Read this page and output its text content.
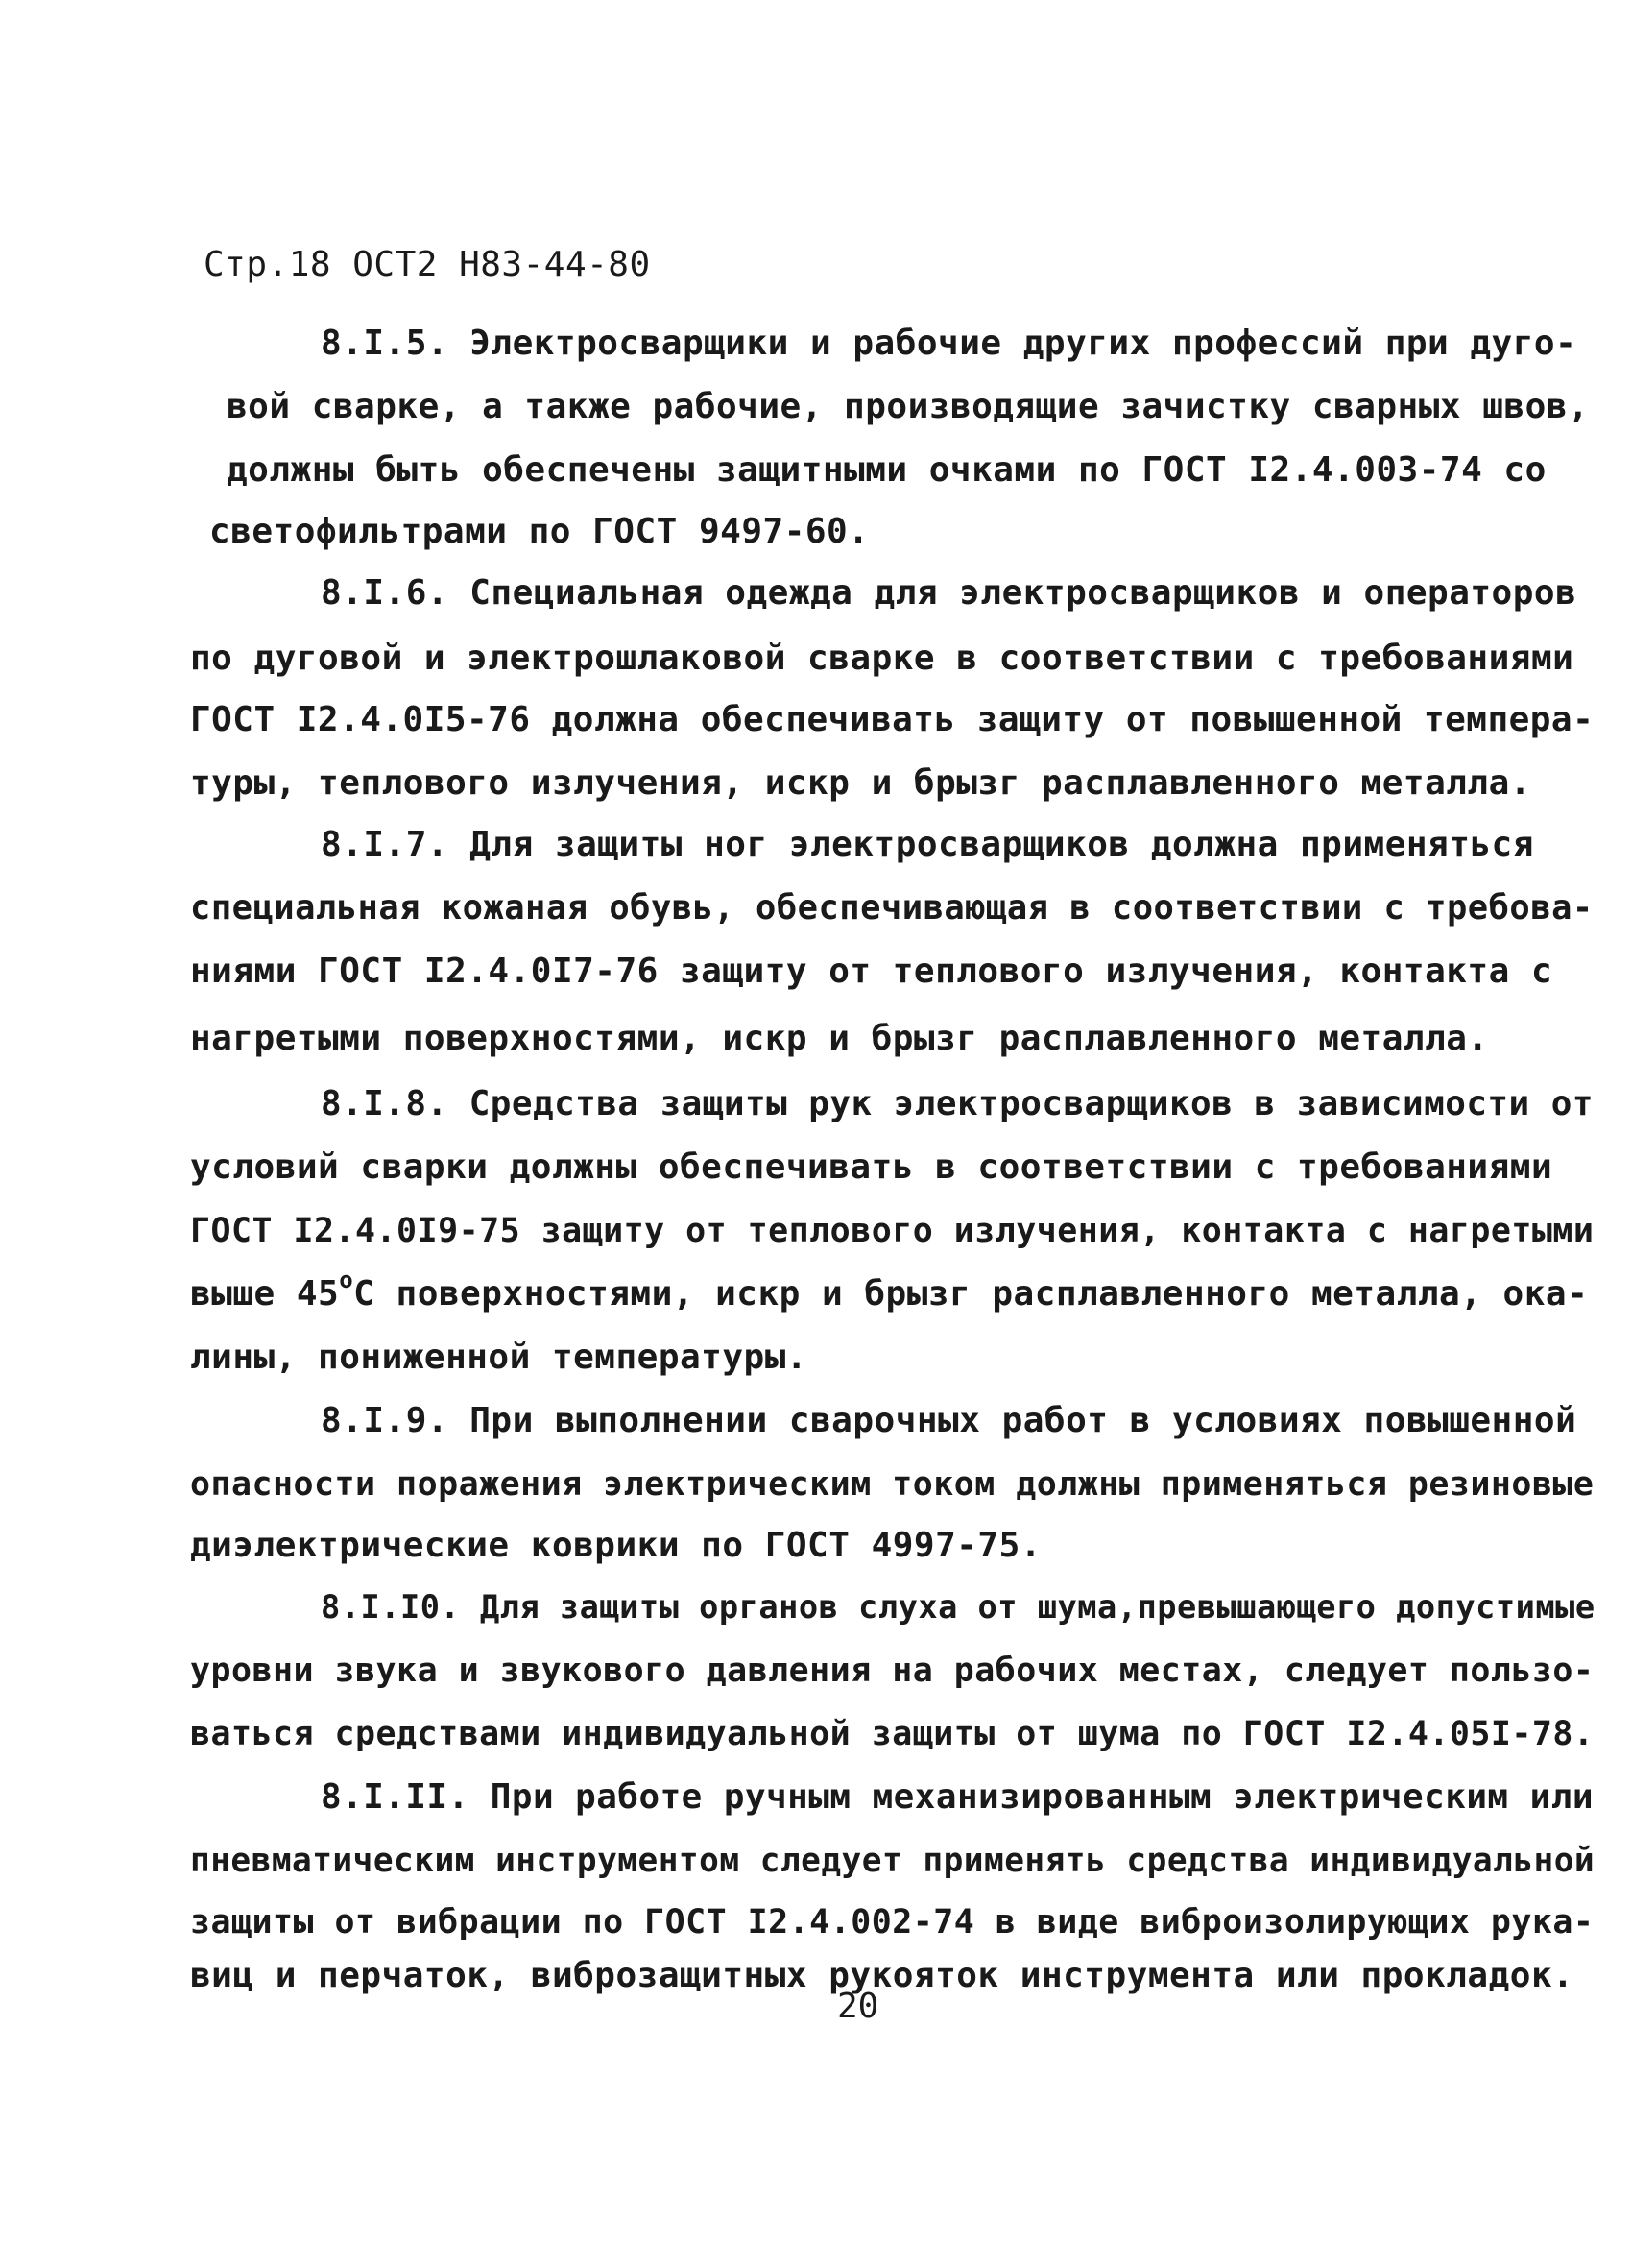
Стр.18 ОСТ2 Н83-44-80
8.I.5. Электросварщики и рабочие других профессий при дуго-
вой сварке, а также рабочие, производящие зачистку сварных швов,
должны быть обеспечены защитными очками по ГОСТ I2.4.003-74 со
светофильтрами по ГОСТ 9497-60.
8.I.6. Специальная одежда для электросварщиков и операторов
по дуговой и электрошлаковой сварке в соответствии с требованиями
ГОСТ I2.4.0I5-76 должна обеспечивать защиту от повышенной темпера-
туры, теплового излучения, искр и брызг расплавленного металла.
8.I.7. Для защиты ног электросварщиков должна применяться
специальная кожаная обувь, обеспечивающая в соответствии с требова-
ниями ГОСТ I2.4.0I7-76 защиту от теплового излучения, контакта с
нагретыми поверхностями, искр и брызг расплавленного металла.
8.I.8. Средства защиты рук электросварщиков в зависимости от
условий сварки должны обеспечивать в соответствии с требованиями
ГОСТ I2.4.0I9-75 защиту от теплового излучения, контакта с нагретыми
выше $45^оС$ поверхностями, искр и брызг расплавленного металла, ока-
лины, пониженной температуры.
8.I.9. При выполнении сварочных работ в условиях повышенной
опасности поражения электрическим током должны применяться резиновые
диэлектрические коврики по ГОСТ 4997-75.
8.I.I0. Для защиты органов слуха от шума,превышающего допустимые
уровни звука и звукового давления на рабочих местах, следует пользо-
ваться средствами индивидуальной защиты от шума по ГОСТ I2.4.05I-78.
8.I.II. При работе ручным механизированным электрическим или
пневматическим инструментом следует применять средства индивидуальной
защиты от вибрации по ГОСТ I2.4.002-74 в виде виброизолирующих рука-
виц и перчаток, виброзащитных рукояток инструмента или прокладок.
20
